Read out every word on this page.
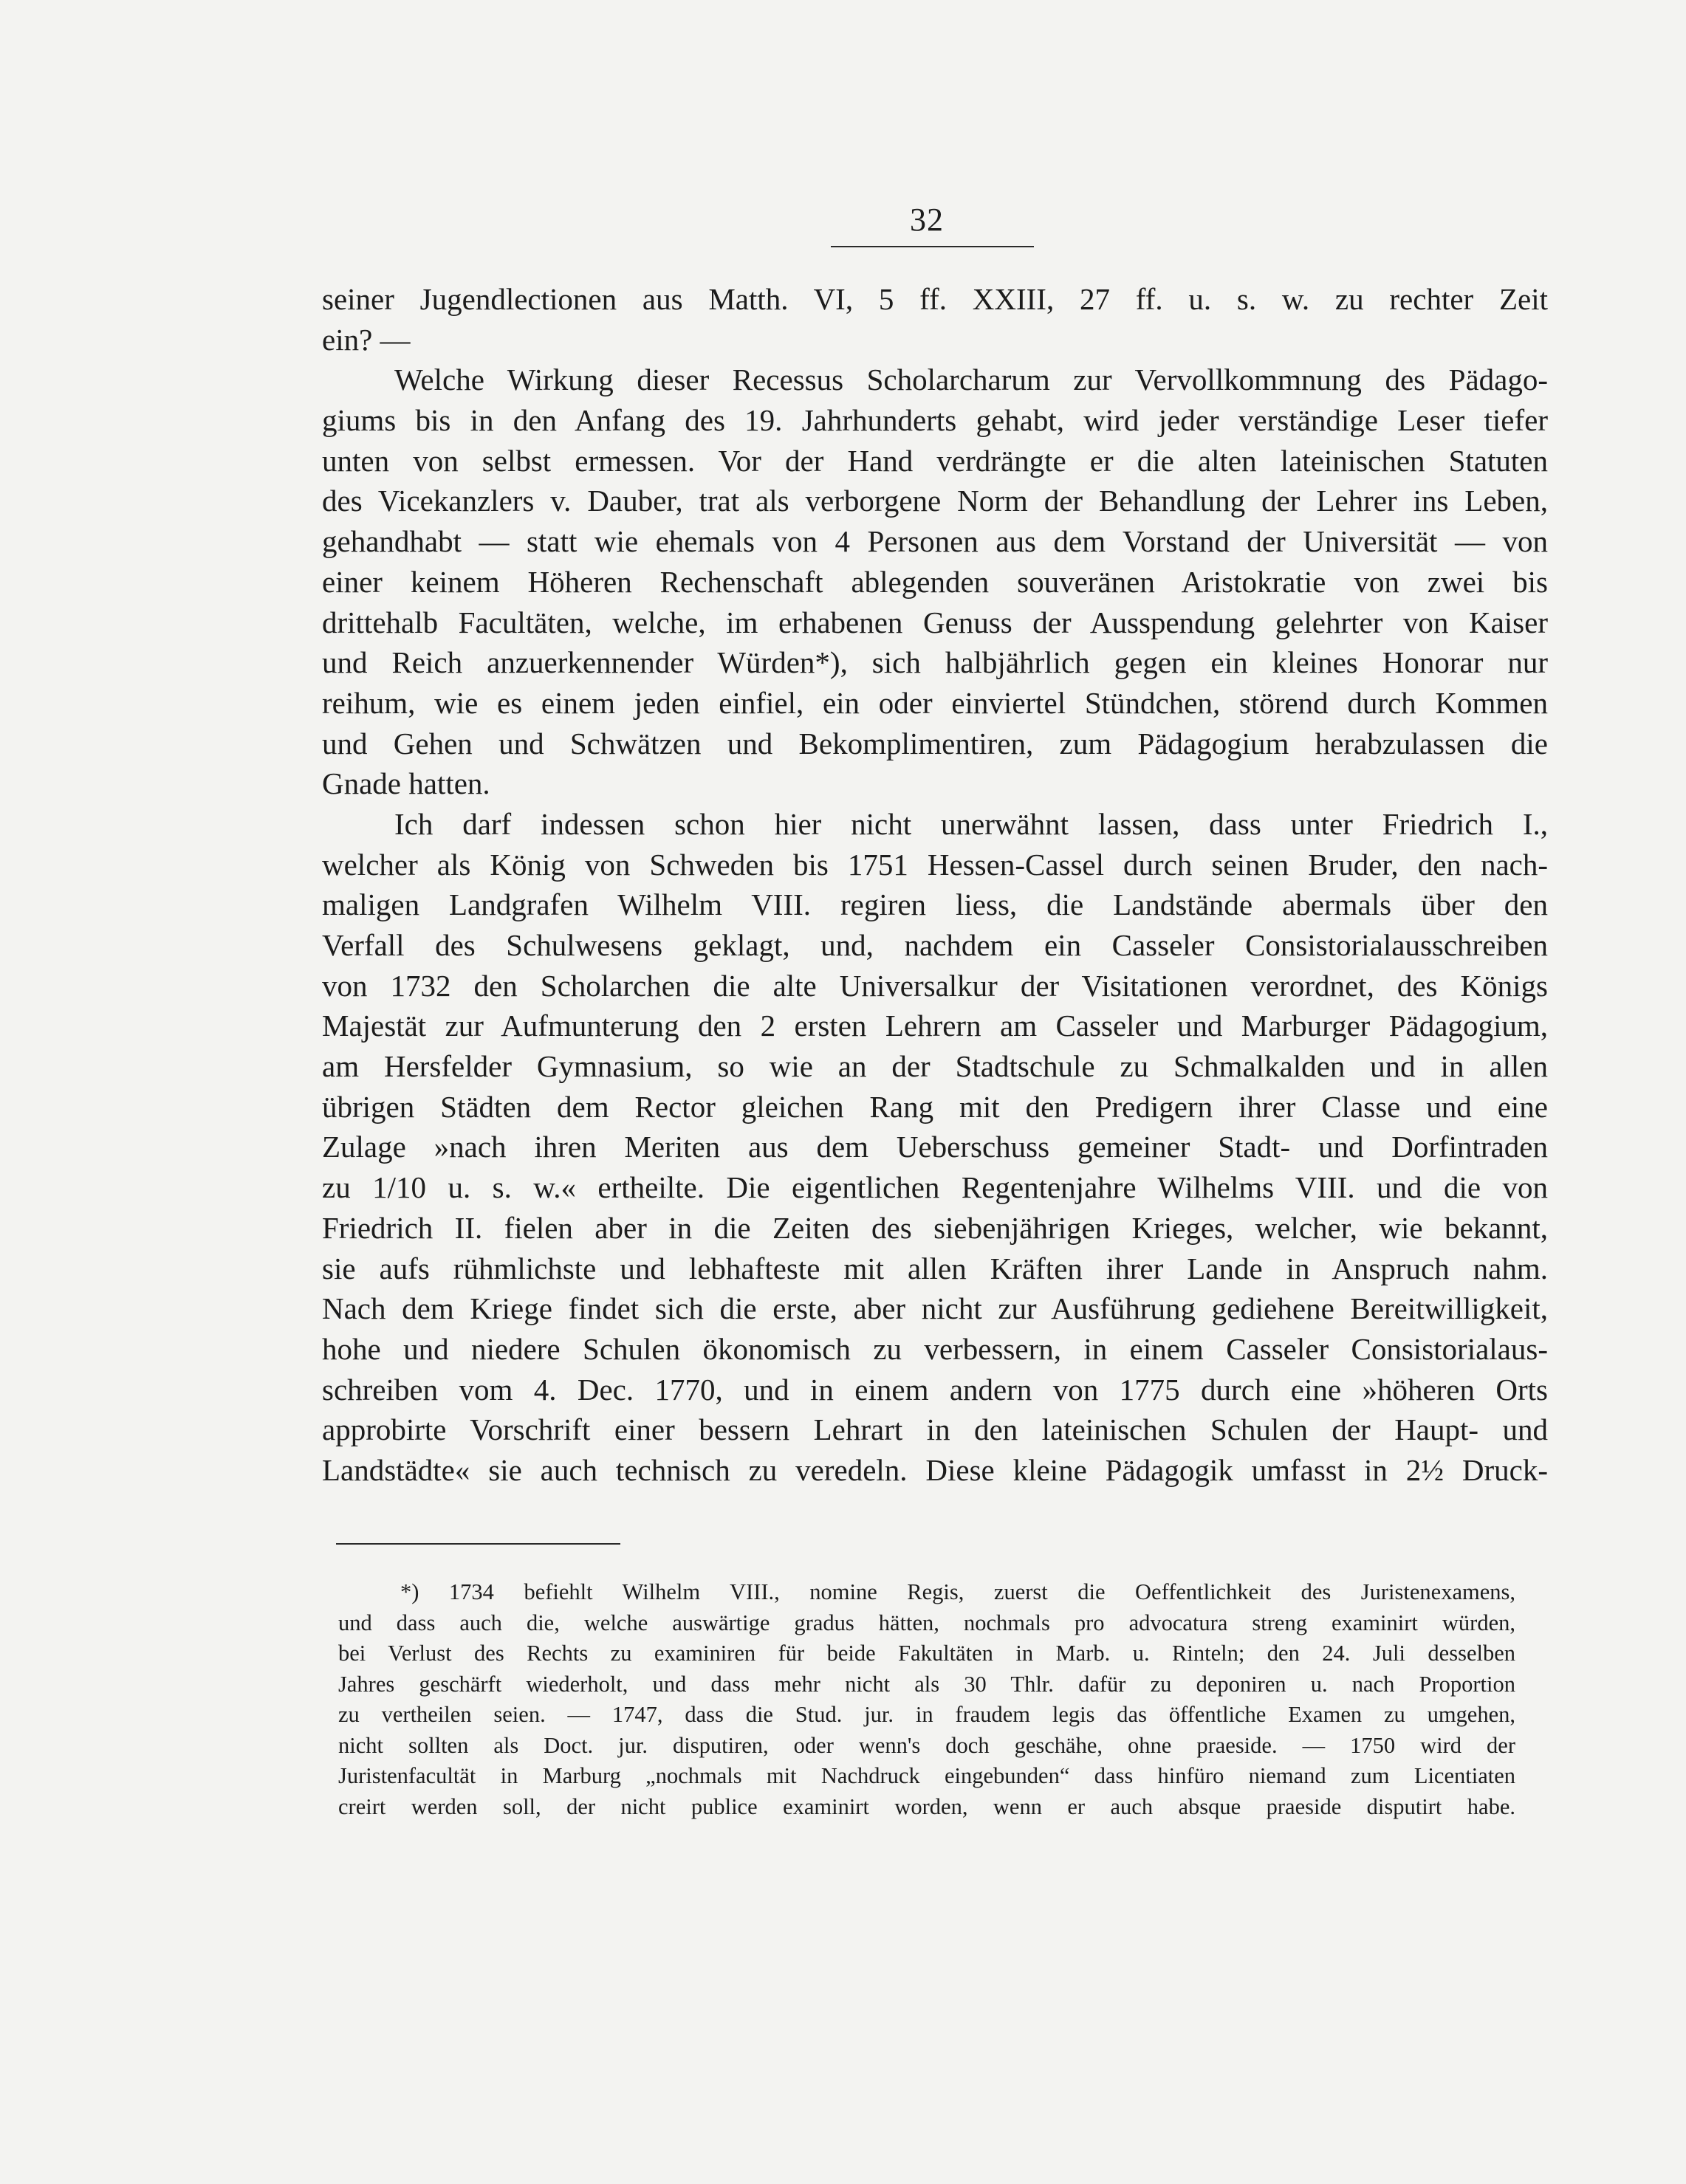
32
seiner Jugendlectionen aus Matth. VI, 5 ff. XXIII, 27 ff. u. s. w. zu rechter Zeit
ein? —
Welche Wirkung dieser Recessus Scholarcharum zur Vervollkommnung des Pädago-
giums bis in den Anfang des 19. Jahrhunderts gehabt, wird jeder verständige Leser tiefer
unten von selbst ermessen. Vor der Hand verdrängte er die alten lateinischen Statuten
des Vicekanzlers v. Dauber, trat als verborgene Norm der Behandlung der Lehrer ins Leben,
gehandhabt — statt wie ehemals von 4 Personen aus dem Vorstand der Universität — von
einer keinem Höheren Rechenschaft ablegenden souveränen Aristokratie von zwei bis
drittehalb Facultäten, welche, im erhabenen Genuss der Ausspendung gelehrter von Kaiser
und Reich anzuerkennender Würden*), sich halbjährlich gegen ein kleines Honorar nur
reihum, wie es einem jeden einfiel, ein oder einviertel Stündchen, störend durch Kommen
und Gehen und Schwätzen und Bekomplimentiren, zum Pädagogium herabzulassen die
Gnade hatten.
Ich darf indessen schon hier nicht unerwähnt lassen, dass unter Friedrich I.,
welcher als König von Schweden bis 1751 Hessen-Cassel durch seinen Bruder, den nach-
maligen Landgrafen Wilhelm VIII. regiren liess, die Landstände abermals über den
Verfall des Schulwesens geklagt, und, nachdem ein Casseler Consistorialausschreiben
von 1732 den Scholarchen die alte Universalkur der Visitationen verordnet, des Königs
Majestät zur Aufmunterung den 2 ersten Lehrern am Casseler und Marburger Pädagogium,
am Hersfelder Gymnasium, so wie an der Stadtschule zu Schmalkalden und in allen
übrigen Städten dem Rector gleichen Rang mit den Predigern ihrer Classe und eine
Zulage »nach ihren Meriten aus dem Ueberschuss gemeiner Stadt- und Dorfintraden
zu 1/10 u. s. w.« ertheilte. Die eigentlichen Regentenjahre Wilhelms VIII. und die von
Friedrich II. fielen aber in die Zeiten des siebenjährigen Krieges, welcher, wie bekannt,
sie aufs rühmlichste und lebhafteste mit allen Kräften ihrer Lande in Anspruch nahm.
Nach dem Kriege findet sich die erste, aber nicht zur Ausführung gediehene Bereitwilligkeit,
hohe und niedere Schulen ökonomisch zu verbessern, in einem Casseler Consistorialaus-
schreiben vom 4. Dec. 1770, und in einem andern von 1775 durch eine »höheren Orts
approbirte Vorschrift einer bessern Lehrart in den lateinischen Schulen der Haupt- und
Landstädte« sie auch technisch zu veredeln. Diese kleine Pädagogik umfasst in 2½ Druck-
*) 1734 befiehlt Wilhelm VIII., nomine Regis, zuerst die Oeffentlichkeit des Juristenexamens,
und dass auch die, welche auswärtige gradus hätten, nochmals pro advocatura streng examinirt würden,
bei Verlust des Rechts zu examiniren für beide Fakultäten in Marb. u. Rinteln; den 24. Juli desselben
Jahres geschärft wiederholt, und dass mehr nicht als 30 Thlr. dafür zu deponiren u. nach Proportion
zu vertheilen seien. — 1747, dass die Stud. jur. in fraudem legis das öffentliche Examen zu umgehen,
nicht sollten als Doct. jur. disputiren, oder wenn's doch geschähe, ohne praeside. — 1750 wird der
Juristenfacultät in Marburg „nochmals mit Nachdruck eingebunden“ dass hinfüro niemand zum Licentiaten
creirt werden soll, der nicht publice examinirt worden, wenn er auch absque praeside disputirt habe.
